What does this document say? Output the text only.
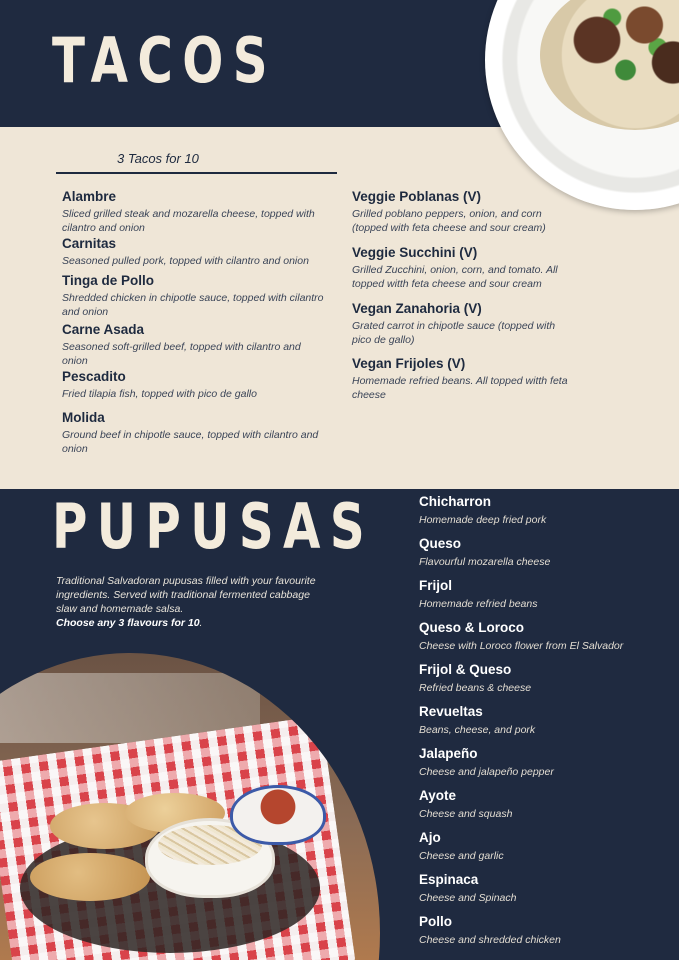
TACOS
3 Tacos for 10
Alambre
Sliced grilled steak and mozarella cheese, topped with cilantro and onion
Carnitas
Seasoned pulled pork, topped with cilantro and onion
Tinga de Pollo
Shredded chicken in chipotle sauce, topped with cilantro and onion
Carne Asada
Seasoned soft-grilled beef, topped with cilantro and onion
Pescadito
Fried tilapia fish, topped with pico de gallo
Molida
Ground beef in chipotle sauce, topped with cilantro and onion
Veggie Poblanas (V)
Grilled poblano peppers, onion, and corn (topped with feta cheese and sour cream)
Veggie Succhini (V)
Grilled Zucchini, onion, corn, and tomato. All topped witth feta cheese and sour cream
Vegan Zanahoria (V)
Grated carrot in chipotle sauce (topped with pico de gallo)
Vegan Frijoles (V)
Homemade refried beans. All topped witth feta cheese
PUPUSAS
Traditional Salvadoran pupusas filled with your favourite ingredients. Served with traditional fermented cabbage slaw and homemade salsa.
Choose any 3 flavours for 10.
Chicharron
Homemade deep fried pork
Queso
Flavourful mozarella cheese
Frijol
Homemade refried beans
Queso & Loroco
Cheese with Loroco flower from El Salvador
Frijol & Queso
Refried beans & cheese
Revueltas
Beans, cheese, and pork
Jalapeño
Cheese and jalapeño pepper
Ayote
Cheese and squash
Ajo
Cheese and garlic
Espinaca
Cheese and Spinach
Pollo
Cheese and shredded chicken
